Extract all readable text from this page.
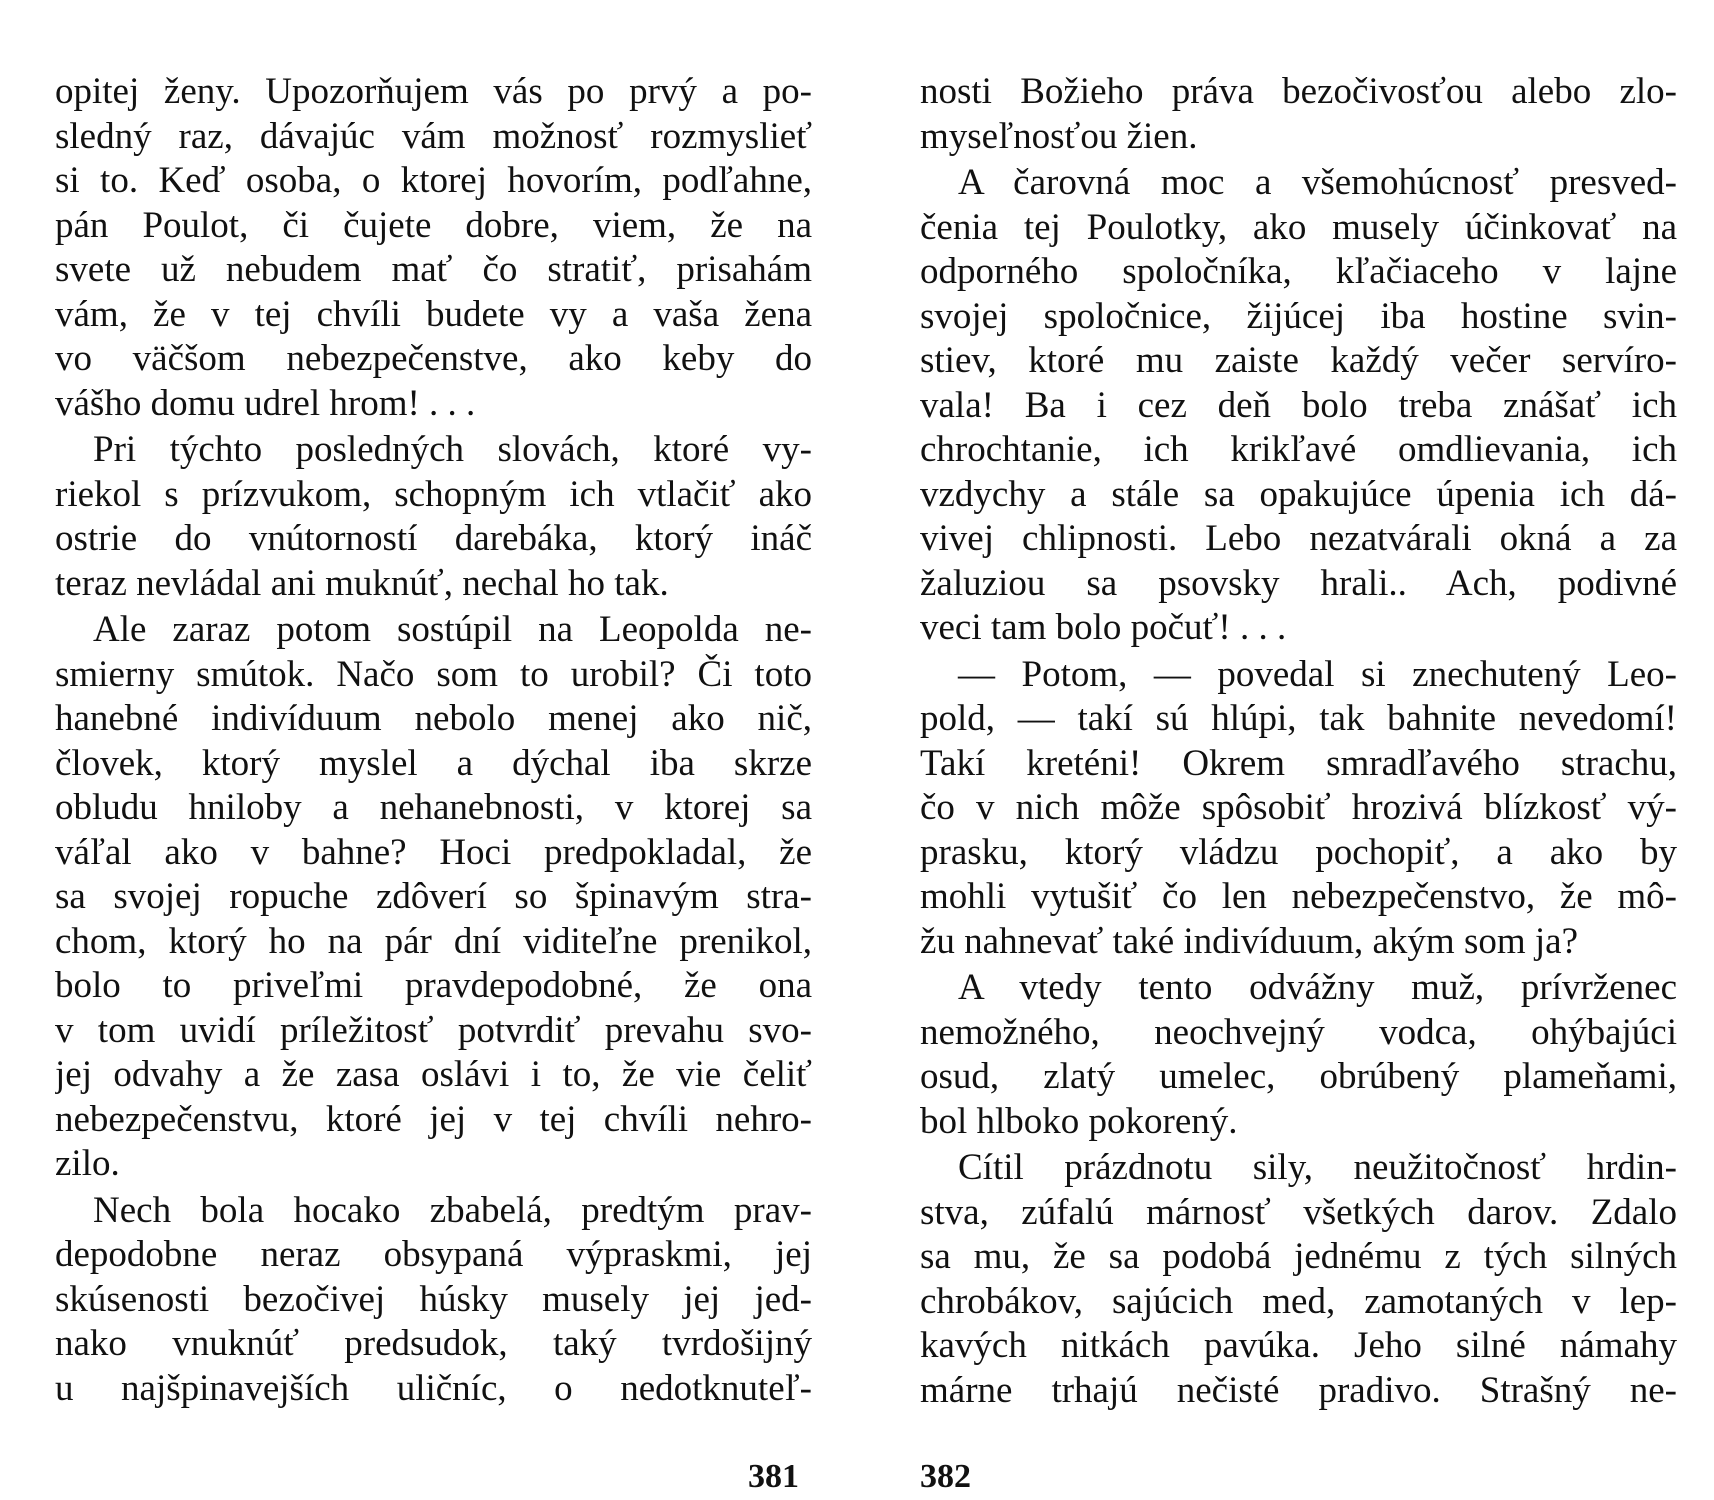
opitej ženy. Upozorňujem vás po prvý a po-
sledný raz, dávajúc vám možnosť rozmyslieť
si to. Keď osoba, o ktorej hovorím, podľahne,
pán Poulot, či čujete dobre, viem, že na
svete už nebudem mať čo stratiť, prisahám
vám, že v tej chvíli budete vy a vaša žena
vo väčšom nebezpečenstve, ako keby do
vášho domu udrel hrom! . . .
Pri týchto posledných slovách, ktoré vy-
riekol s prízvukom, schopným ich vtlačiť ako
ostrie do vnútorností darebáka, ktorý ináč
teraz nevládal ani muknúť, nechal ho tak.
Ale zaraz potom sostúpil na Leopolda ne-
smierny smútok. Načo som to urobil? Či toto
hanebné indivíduum nebolo menej ako nič,
človek, ktorý myslel a dýchal iba skrze
obludu hniloby a nehanebnosti, v ktorej sa
váľal ako v bahne? Hoci predpokladal, že
sa svojej ropuche zdôverí so špinavým stra-
chom, ktorý ho na pár dní viditeľne prenikol,
bolo to priveľmi pravdepodobné, že ona
v tom uvidí príležitosť potvrdiť prevahu svo-
jej odvahy a že zasa oslávi i to, že vie čeliť
nebezpečenstvu, ktoré jej v tej chvíli nehro-
zilo.
Nech bola hocako zbabelá, predtým prav-
depodobne neraz obsypaná výpraskmi, jej
skúsenosti bezočivej húsky musely jej jed-
nako vnuknúť predsudok, taký tvrdošijný
u najšpinavejších uličníc, o nedotknuteľ-
nosti Božieho práva bezočivosťou alebo zlo-
myseľnosťou žien.
A čarovná moc a všemohúcnosť presved-
čenia tej Poulotky, ako musely účinkovať na
odporného spoločníka, kľačiaceho v lajne
svojej spoločnice, žijúcej iba hostine svin-
stiev, ktoré mu zaiste každý večer servíro-
vala! Ba i cez deň bolo treba znášať ich
chrochtanie, ich krikľavé omdlievania, ich
vzdychy a stále sa opakujúce úpenia ich dá-
vivej chlipnosti. Lebo nezatvárali okná a za
žaluziou sa psovsky hrali.. Ach, podivné
veci tam bolo počuť! . . .
— Potom, — povedal si znechutený Leo-
pold, — takí sú hlúpi, tak bahnite nevedomí!
Takí kreténi! Okrem smradľavého strachu,
čo v nich môže spôsobiť hrozivá blízkosť vý-
prasku, ktorý vládzu pochopiť, a ako by
mohli vytušiť čo len nebezpečenstvo, že mô-
žu nahnevať také indivíduum, akým som ja?
A vtedy tento odvážny muž, prívrženec
nemožného, neochvejný vodca, ohýbajúci
osud, zlatý umelec, obrúbený plameňami,
bol hlboko pokorený.
Cítil prázdnotu sily, neužitočnosť hrdin-
stva, zúfalú márnosť všetkých darov. Zdalo
sa mu, že sa podobá jednému z tých silných
chrobákov, sajúcich med, zamotaných v lep-
kavých nitkách pavúka. Jeho silné námahy
márne trhajú nečisté pradivo. Strašný ne-
381	382
